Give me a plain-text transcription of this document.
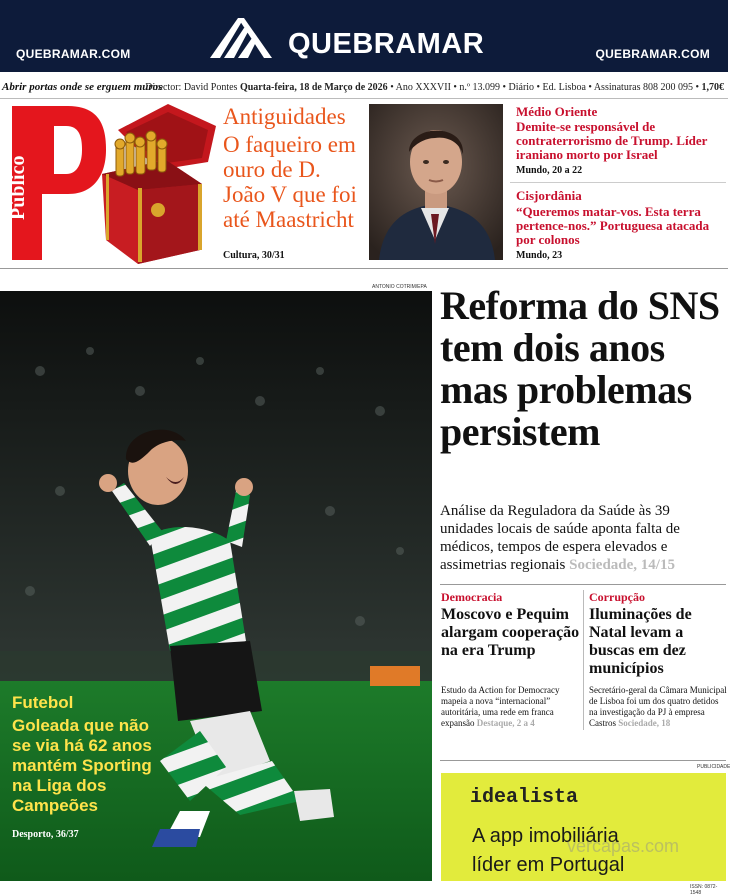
QUEBRAMAR.COM	QUEBRAMAR	QUEBRAMAR.COM
Abrir portas onde se erguem muros
Director: David Pontes Quarta-feira, 18 de Março de 2026 • Ano XXXVII • n.º 13.099 • Diário • Ed. Lisboa • Assinaturas 808 200 095 • 1,70€
Público
Antiguidades
O faqueiro em ouro de D. João V que foi até Maastricht
Cultura, 30/31
Médio Oriente
Demite-se responsável de contraterrorismo de Trump. Líder iraniano morto por Israel
Mundo, 20 a 22
Cisjordânia
“Queremos matar-vos. Esta terra pertence-nos.” Portuguesa atacada por colonos
Mundo, 23
ANTONIO COTRIM/EPA
Futebol
Goleada que não se via há 62 anos mantém Sporting na Liga dos Campeões
Desporto, 36/37
Reforma do SNS tem dois anos mas problemas persistem
Análise da Reguladora da Saúde às 39 unidades locais de saúde aponta falta de médicos, tempos de espera elevados e assimetrias regionais Sociedade, 14/15
Democracia
Moscovo e Pequim alargam cooperação na era Trump
Estudo da Action for Democracy mapeia a nova “internacional” autoritária, uma rede em franca expansão Destaque, 2 a 4
Corrupção
Iluminações de Natal levam a buscas em dez municípios
Secretário-geral da Câmara Municipal de Lisboa foi um dos quatro detidos na investigação da PJ à empresa Castros Sociedade, 18
PUBLICIDADE
idealista
A app imobiliária
líder em Portugal
ISSN: 0872-1548
vercapas.com
